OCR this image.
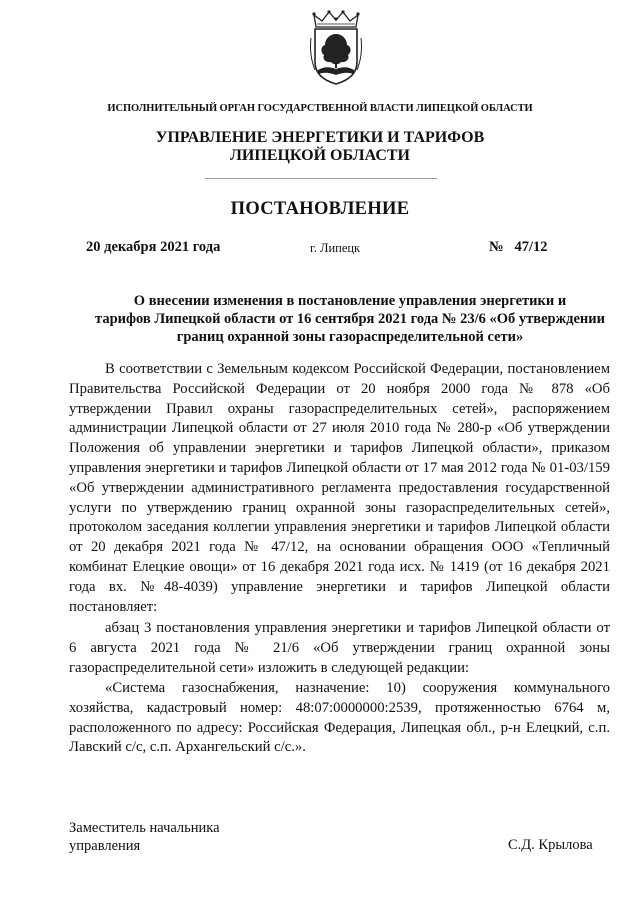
ИСПОЛНИТЕЛЬНЫЙ ОРГАН ГОСУДАРСТВЕННОЙ ВЛАСТИ ЛИПЕЦКОЙ ОБЛАСТИ
УПРАВЛЕНИЕ ЭНЕРГЕТИКИ И ТАРИФОВ
ЛИПЕЦКОЙ ОБЛАСТИ
ПОСТАНОВЛЕНИЕ
20 декабря 2021 года	г. Липецк	№   47/12
О внесении изменения в постановление управления энергетики и
тарифов Липецкой области от 16 сентября 2021 года № 23/6 «Об утверждении
границ охранной зоны газораспределительной сети»

В соответствии с Земельным кодексом Российской Федерации, постановлением Правительства Российской Федерации от 20 ноября 2000 года № 878 «Об утверждении Правил охраны газораспределительных сетей», распоряжением администрации Липецкой области от 27 июля 2010 года № 280-р «Об утверждении Положения об управлении энергетики и тарифов Липецкой области», приказом управления энергетики и тарифов Липецкой области от 17 мая 2012 года № 01-03/159 «Об утверждении административного регламента предоставления государственной услуги по утверждению границ охранной зоны газораспределительных сетей», протоколом заседания коллегии управления энергетики и тарифов Липецкой области от 20 декабря 2021 года № 47/12, на основании обращения ООО «Тепличный комбинат Елецкие овощи» от 16 декабря 2021 года исх. № 1419 (от 16 декабря 2021 года вх. №48-4039) управление энергетики и тарифов Липецкой области постановляет:

абзац 3 постановления управления энергетики и тарифов Липецкой области от 6 августа 2021 года № 21/6 «Об утверждении границ охранной зоны газораспределительной сети» изложить в следующей редакции:

«Система газоснабжения, назначение: 10) сооружения коммунального хозяйства, кадастровый номер: 48:07:0000000:2539, протяженностью 6764 м, расположенного по адресу: Российская Федерация, Липецкая обл., р-н Елецкий, с.п. Лавский с/с, с.п. Архангельский с/с.».

Заместитель начальника
управления	С.Д. Крылова
